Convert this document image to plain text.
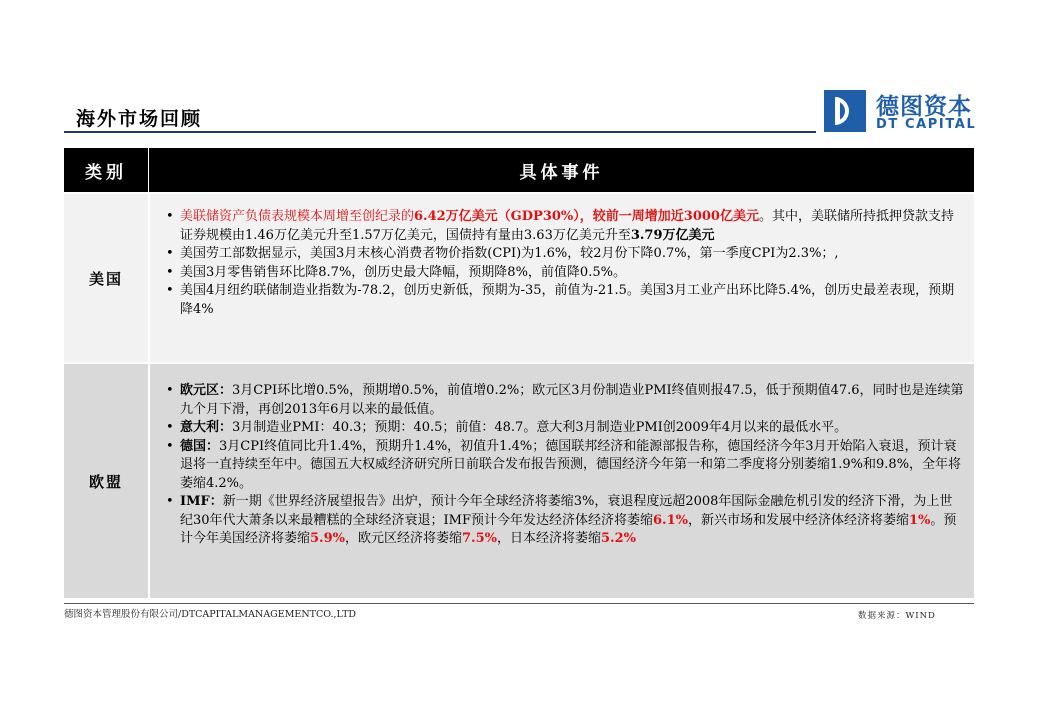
海外市场回顾	德图资本
DT CAPITAL
类别	具体事件
美国
• 美联储资产负债表规模本周增至创纪录的6.42万亿美元（GDP30%），较前一周增加近3000亿美元。其中，美联储所持抵押贷款支持证券规模由1.46万亿美元升至1.57万亿美元，国债持有量由3.63万亿美元升至3.79万亿美元
• 美国劳工部数据显示，美国3月末核心消费者物价指数(CPI)为1.6%，较2月份下降0.7%，第一季度CPI为2.3%；,
• 美国3月零售销售环比降8.7%，创历史最大降幅，预期降8%，前值降0.5%。
• 美国4月纽约联储制造业指数为-78.2，创历史新低，预期为-35，前值为-21.5。美国3月工业产出环比降5.4%，创历史最差表现，预期降4%
欧盟
• 欧元区：3月CPI环比增0.5%，预期增0.5%，前值增0.2%；欧元区3月份制造业PMI终值则报47.5，低于预期值47.6，同时也是连续第九个月下滑，再创2013年6月以来的最低值。
• 意大利：3月制造业PMI：40.3；预期：40.5；前值：48.7。意大利3月制造业PMI创2009年4月以来的最低水平。
• 德国：3月CPI终值同比升1.4%，预期升1.4%，初值升1.4%；德国联邦经济和能源部报告称，德国经济今年3月开始陷入衰退，预计衰退将一直持续至年中。德国五大权威经济研究所日前联合发布报告预测，德国经济今年第一和第二季度将分别萎缩1.9%和9.8%，全年将萎缩4.2%。
• IMF：新一期《世界经济展望报告》出炉，预计今年全球经济将萎缩3%，衰退程度远超2008年国际金融危机引发的经济下滑，为上世纪30年代大萧条以来最糟糕的全球经济衰退；IMF预计今年发达经济体经济将萎缩6.1%，新兴市场和发展中经济体经济将萎缩1%。预计今年美国经济将萎缩5.9%，欧元区经济将萎缩7.5%，日本经济将萎缩5.2%
德图资本管理股份有限公司/DTCAPITALMANAGEMENTCO.,LTD	数据来源：WIND
